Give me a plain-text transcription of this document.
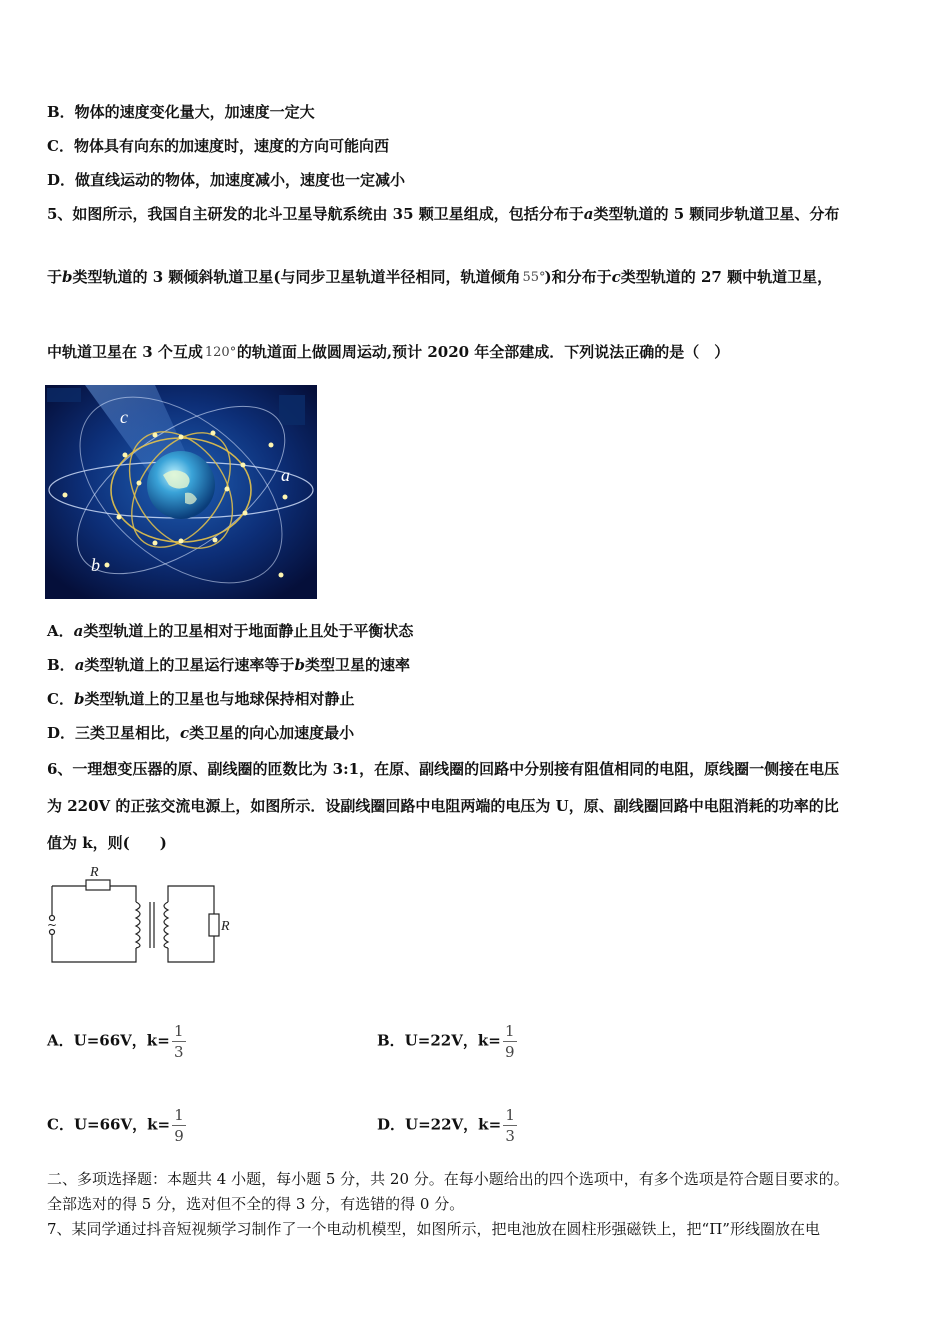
B．物体的速度变化量大，加速度一定大
C．物体具有向东的加速度时，速度的方向可能向西
D．做直线运动的物体，加速度减小，速度也一定减小
5、如图所示，我国自主研发的北斗卫星导航系统由 35 颗卫星组成，包括分布于a类型轨道的 5 颗同步轨道卫星、分布
于b类型轨道的 3 颗倾斜轨道卫星(与同步卫星轨道半径相同，轨道倾角 55°
)和分布于c类型轨道的 27 颗中轨道卫星，
中轨道卫星在 3 个互成 120° 的轨道面上做圆周运动,预计 2020 年全部建成．下列说法正确的是（　）
c
a
b
A．a类型轨道上的卫星相对于地面静止且处于平衡状态
B．a类型轨道上的卫星运行速率等于b类型卫星的速率
C．b类型轨道上的卫星也与地球保持相对静止
D．三类卫星相比，c类卫星的向心加速度最小
6、一理想变压器的原、副线圈的匝数比为 3:1，在原、副线圈的回路中分别接有阻值相同的电阻，原线圈一侧接在电压
为 220V 的正弦交流电源上，如图所示．设副线圈回路中电阻两端的电压为 U，原、副线圈回路中电阻消耗的功率的比
值为 k，则(　　)
~
R
R
A．U=66V，$k= \frac{1}{3}$	B．U=22V，$k= \frac{1}{9}$
C．U=66V，$k= \frac{1}{9}$	D．U=22V，$k= \frac{1}{3}$
二、多项选择题：本题共 4 小题，每小题 5 分，共 20 分。在每小题给出的四个选项中，有多个选项是符合题目要求的。
全部选对的得 5 分，选对但不全的得 3 分，有选错的得 0 分。
7、某同学通过抖音短视频学习制作了一个电动机模型，如图所示，把电池放在圆柱形强磁铁上，把“Π”形线圈放在电
